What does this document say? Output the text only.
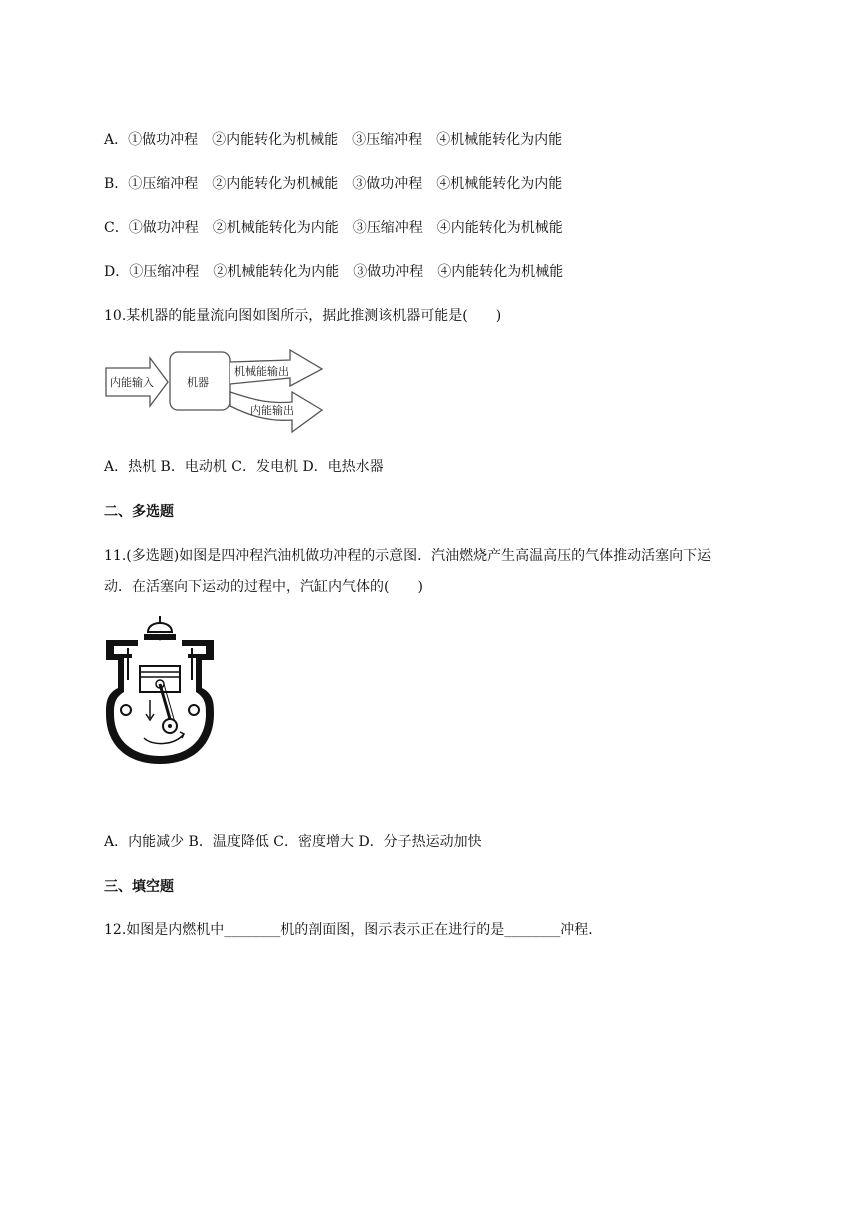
A．①做功冲程　②内能转化为机械能　③压缩冲程　④机械能转化为内能
B．①压缩冲程　②内能转化为机械能　③做功冲程　④机械能转化为内能
C．①做功冲程　②机械能转化为内能　③压缩冲程　④内能转化为机械能
D．①压缩冲程　②机械能转化为内能　③做功冲程　④内能转化为机械能
10.某机器的能量流向图如图所示，据此推测该机器可能是(　　)
内能输入	机器
机械能输出
内能输出
A．热机 B．电动机 C．发电机 D．电热水器
二、多选题
11.(多选题)如图是四冲程汽油机做功冲程的示意图．汽油燃烧产生高温高压的气体推动活塞向下运
动．在活塞向下运动的过程中，汽缸内气体的(　　)
A．内能减少 B．温度降低 C．密度增大 D．分子热运动加快
三、填空题
12.如图是内燃机中________机的剖面图，图示表示正在进行的是________冲程．
